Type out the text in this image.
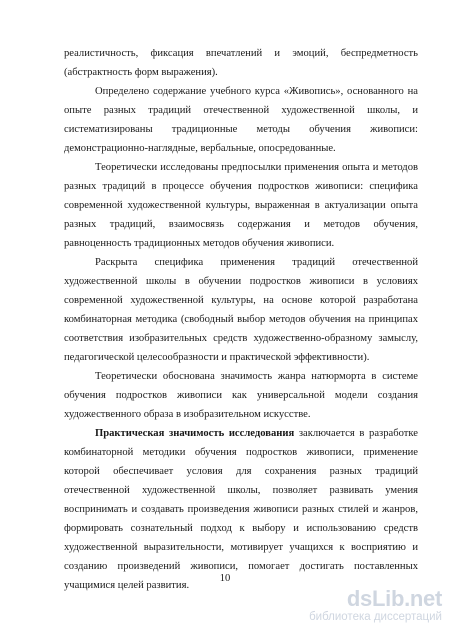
реалистичность, фиксация впечатлений и эмоций, беспредметность
(абстрактность форм выражения).
Определено содержание учебного курса «Живопись», основанного на
опыте разных традиций отечественной художественной школы, и
систематизированы традиционные методы обучения живописи:
демонстрационно-наглядные, вербальные, опосредованные.
Теоретически исследованы предпосылки применения опыта и методов
разных традиций в процессе обучения подростков живописи: специфика
современной художественной культуры, выраженная в актуализации опыта
разных традиций, взаимосвязь содержания и методов обучения,
равноценность традиционных методов обучения живописи.
Раскрыта специфика применения традиций отечественной
художественной школы в обучении подростков живописи в условиях
современной художественной культуры, на основе которой разработана
комбинаторная методика (свободный выбор методов обучения на принципах
соответствия изобразительных средств художественно-образному замыслу,
педагогической целесообразности и практической эффективности).
Теоретически обоснована значимость жанра натюрморта в системе
обучения подростков живописи как универсальной модели создания
художественного образа в изобразительном искусстве.
Практическая значимость исследования заключается в разработке
комбинаторной методики обучения подростков живописи, применение
которой обеспечивает условия для сохранения разных традиций
отечественной художественной школы, позволяет развивать умения
воспринимать и создавать произведения живописи разных стилей и жанров,
формировать сознательный подход к выбору и использованию средств
художественной выразительности, мотивирует учащихся к восприятию и
созданию произведений живописи, помогает достигать поставленных
учащимися целей развития.
10
dsLib.net
библиотека диссертаций
